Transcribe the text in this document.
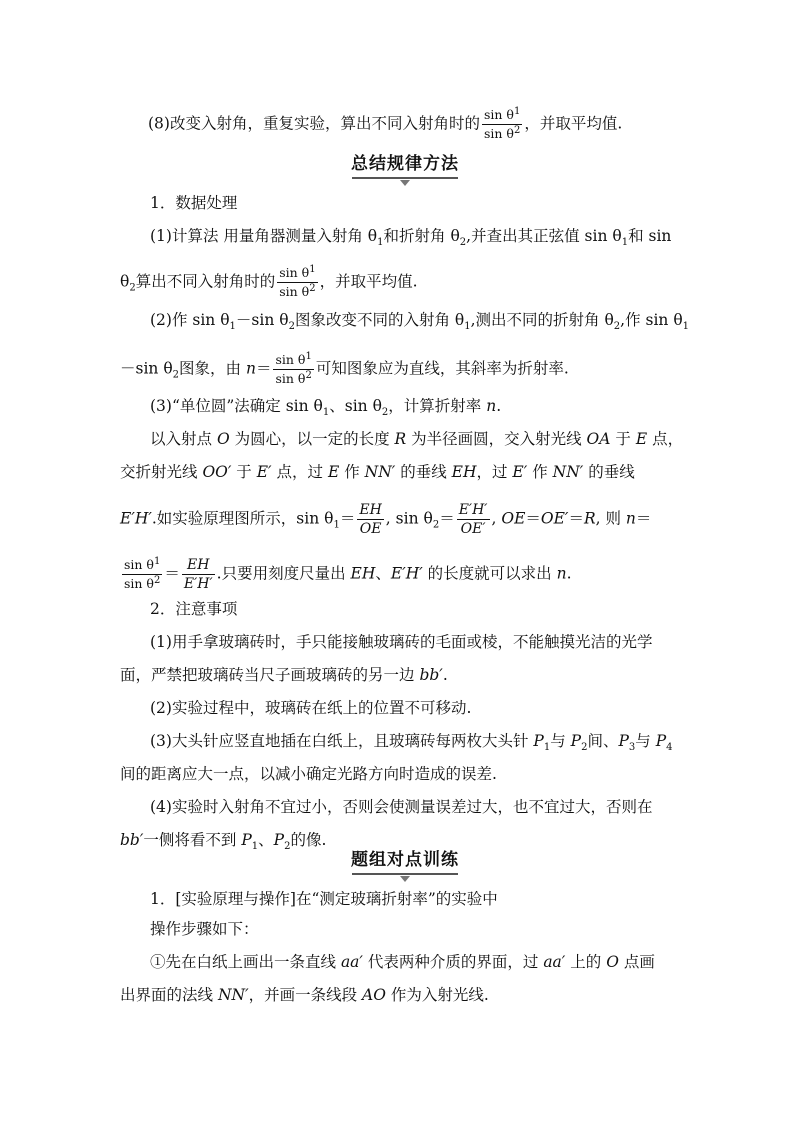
(8)改变入射角，重复实验，算出不同入射角时的 $\frac{\sin \theta^1}{\sin \theta^2}$ ，并取平均值.
总结规律方法
1．数据处理
(1)计算法 用量角器测量入射角 $\theta_1$和折射角 $\theta_2$,并查出其正弦值 $\sin \theta_1$和 sin
$\theta_2$算出不同入射角时的 $\frac{\sin \theta^1}{\sin \theta^2}$ ，并取平均值.
(2)作 $\sin \theta_1-\sin$ $\theta_2$图象改变不同的入射角 $\theta_1$,测出不同的折射角 $\theta_2$,作 $\sin \theta_1$
－sin $\theta_2$图象，由 $n= \frac{\sin \theta^1}{\sin \theta^2}$ 可知图象应为直线，其斜率为折射率.
(3)“单位圆”法确定 $\sin \theta_1$、$\sin \theta_2$，计算折射率 n.
以入射点 O 为圆心，以一定的长度 R 为半径画圆，交入射光线 OA 于 E 点，
交折射光线 OO′ 于 E′ 点，过 E 作 NN′ 的垂线 EH，过 E′ 作 NN′ 的垂线
E′H′.如实验原理图所示，$\sin \theta_1= \frac{EH}{OE}$ , $\sin \theta_2= \frac{E'H'}{OE'}$ , OE＝OE′＝R, 则 n＝
$\frac{\sin \theta^1}{\sin \theta^2} = \frac{EH}{E'H'}$ .只要用刻度尺量出 EH、E′H′ 的长度就可以求出 n.
2．注意事项
(1)用手拿玻璃砖时，手只能接触玻璃砖的毛面或棱，不能触摸光洁的光学
面，严禁把玻璃砖当尺子画玻璃砖的另一边 bb′.
(2)实验过程中，玻璃砖在纸上的位置不可移动.
(3)大头针应竖直地插在白纸上，且玻璃砖每两枚大头针 $P_1$与 $P_2$间、$P_3$与 $P_4$
间的距离应大一点，以减小确定光路方向时造成的误差.
(4)实验时入射角不宜过小，否则会使测量误差过大，也不宜过大，否则在
bb′一侧将看不到 $P_1$、$P_2$的像.
题组对点训练
1．[实验原理与操作]在“测定玻璃折射率”的实验中
操作步骤如下：
①先在白纸上画出一条直线 aa′ 代表两种介质的界面，过 aa′ 上的 O 点画
出界面的法线 NN′，并画一条线段 AO 作为入射光线.
